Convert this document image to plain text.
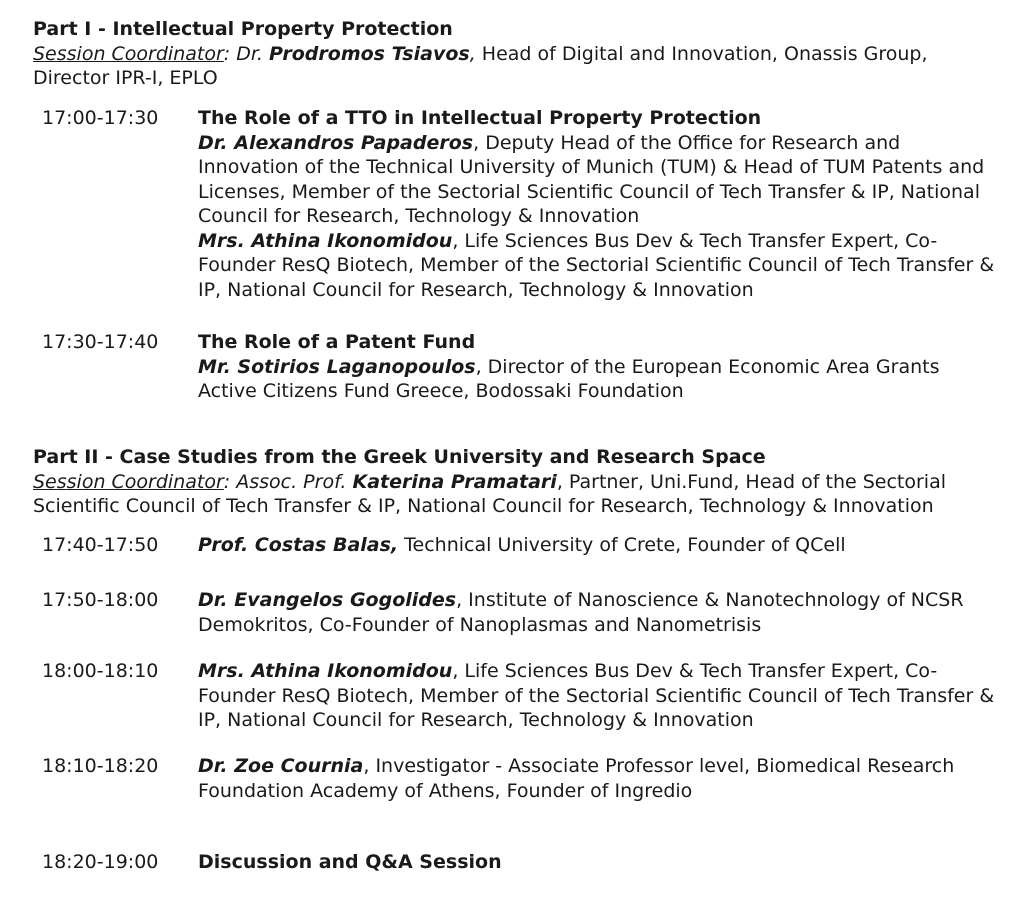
Part I - Intellectual Property Protection
Session Coordinator: Dr. Prodromos Tsiavos, Head of Digital and Innovation, Onassis Group, Director IPR-I, EPLO
17:00-17:30	The Role of a TTO in Intellectual Property Protection
Dr. Alexandros Papaderos, Deputy Head of the Office for Research and Innovation of the Technical University of Munich (TUM) & Head of TUM Patents and Licenses, Member of the Sectorial Scientific Council of Tech Transfer & IP, National Council for Research, Technology & Innovation
Mrs. Athina Ikonomidou, Life Sciences Bus Dev & Tech Transfer Expert, Co-Founder ResQ Biotech, Member of the Sectorial Scientific Council of Tech Transfer & IP, National Council for Research, Technology & Innovation
17:30-17:40	The Role of a Patent Fund
Mr. Sotirios Laganopoulos, Director of the European Economic Area Grants Active Citizens Fund Greece, Bodossaki Foundation
Part II - Case Studies from the Greek University and Research Space
Session Coordinator: Assoc. Prof. Katerina Pramatari, Partner, Uni.Fund, Head of the Sectorial Scientific Council of Tech Transfer & IP, National Council for Research, Technology & Innovation
17:40-17:50	Prof. Costas Balas, Technical University of Crete, Founder of QCell
17:50-18:00	Dr. Evangelos Gogolides, Institute of Nanoscience & Nanotechnology of NCSR Demokritos, Co-Founder of Nanoplasmas and Nanometrisis
18:00-18:10	Mrs. Athina Ikonomidou, Life Sciences Bus Dev & Tech Transfer Expert, Co-Founder ResQ Biotech, Member of the Sectorial Scientific Council of Tech Transfer & IP, National Council for Research, Technology & Innovation
18:10-18:20	Dr. Zoe Cournia, Investigator - Associate Professor level, Biomedical Research Foundation Academy of Athens, Founder of Ingredio
18:20-19:00	Discussion and Q&A Session
